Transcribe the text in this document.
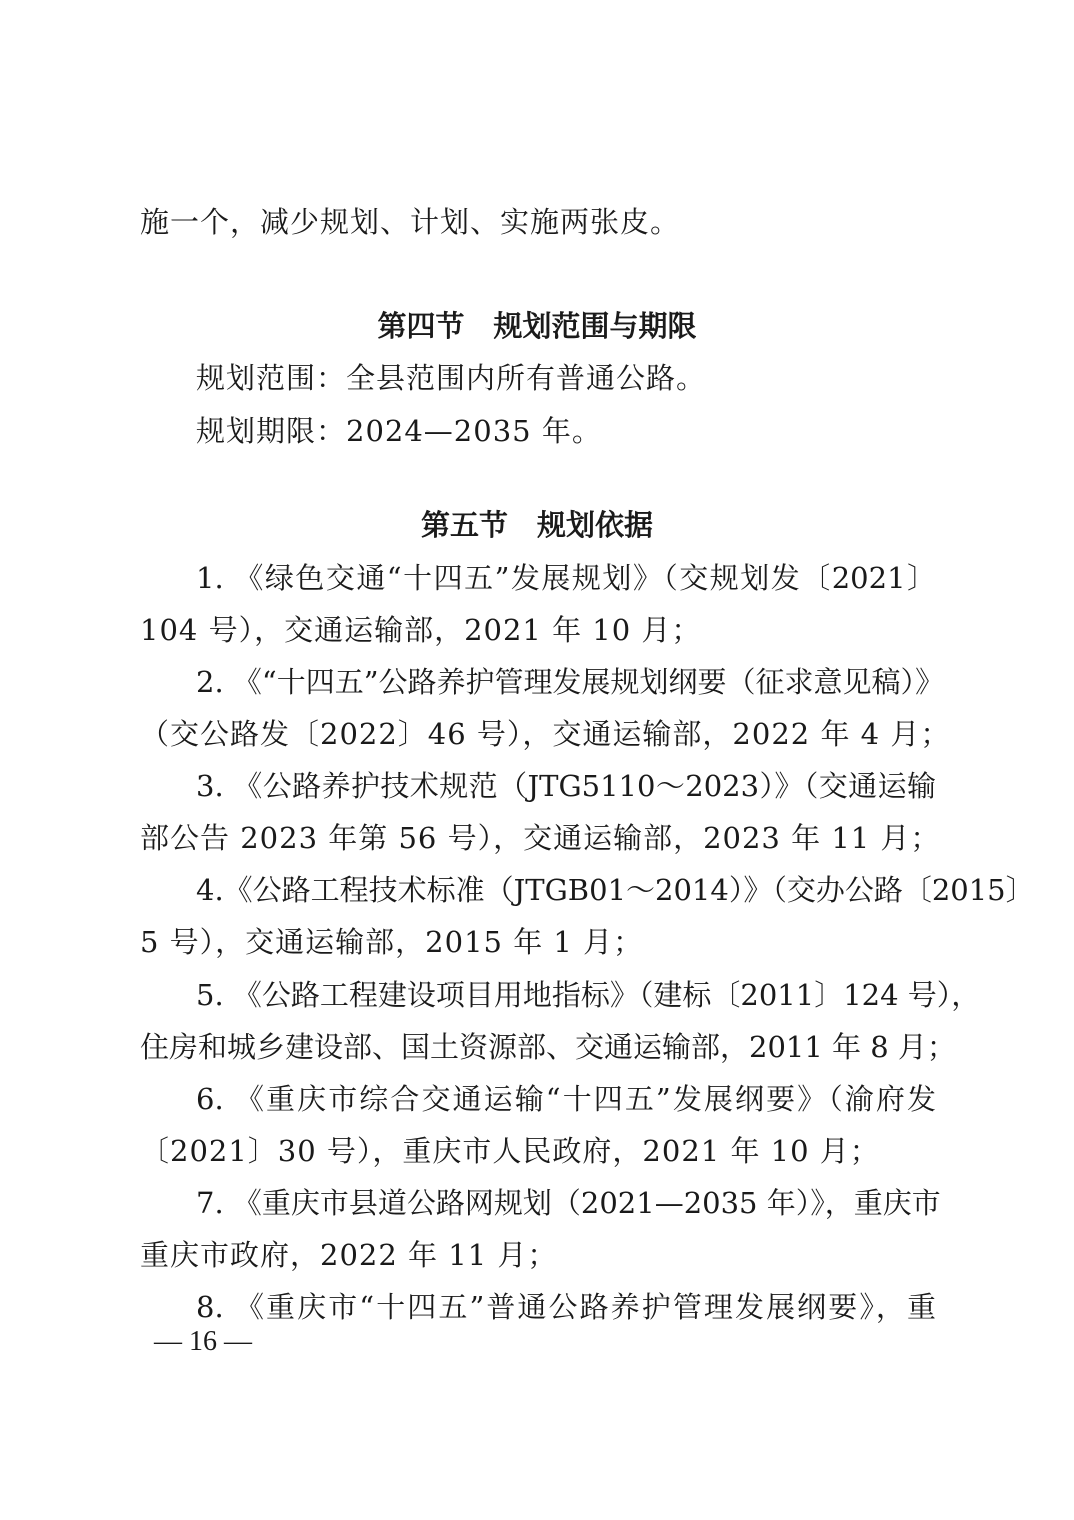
施一个，减少规划、计划、实施两张皮。
第四节　规划范围与期限
规划范围：全县范围内所有普通公路。
规划期限：2024—2035 年。
第五节　规划依据
1. 《绿色交通“十四五”发展规划》（交规划发〔2021〕
104 号），交通运输部，2021 年 10 月；
2. 《“十四五”公路养护管理发展规划纲要（征求意见稿）》
（交公路发〔2022〕46 号），交通运输部，2022 年 4 月；
3. 《公路养护技术规范（JTG5110～2023）》（交通运输
部公告 2023 年第 56 号），交通运输部，2023 年 11 月；
4.《公路工程技术标准（JTGB01～2014）》（交办公路〔2015〕
5 号），交通运输部，2015 年 1 月；
5. 《公路工程建设项目用地指标》（建标〔2011〕124 号），
住房和城乡建设部、国土资源部、交通运输部，2011 年 8 月；
6. 《重庆市综合交通运输“十四五”发展纲要》（渝府发
〔2021〕30 号），重庆市人民政府，2021 年 10 月；
7. 《重庆市县道公路网规划（2021—2035 年）》，重庆市
重庆市政府，2022 年 11 月；
8. 《重庆市“十四五”普通公路养护管理发展纲要》，重
— 16 —
